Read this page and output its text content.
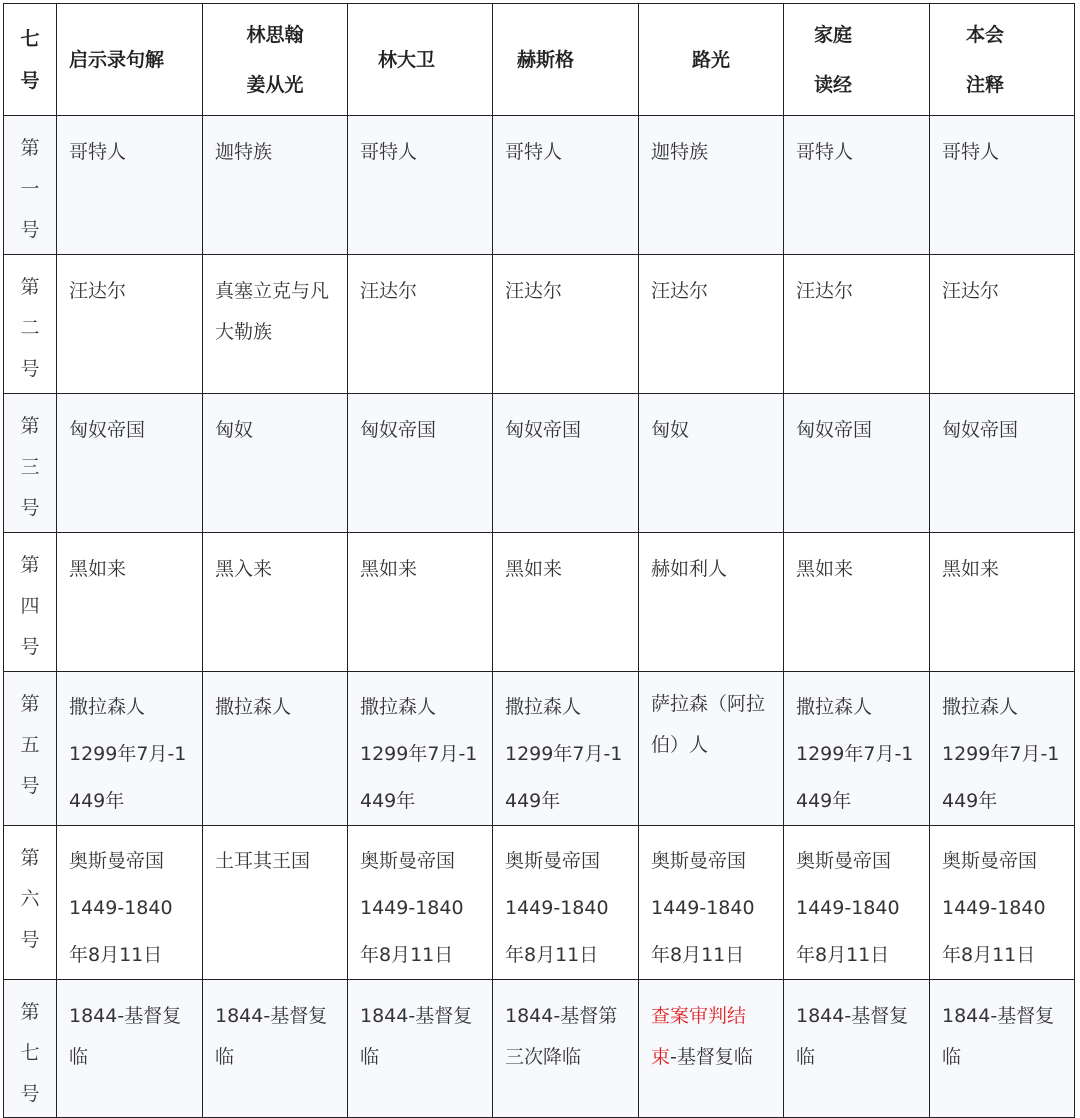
七
号	启示录句解	林思翰
姜从光	林大卫	赫斯格	路光	家庭
读经	本会
注释

第
一
号	哥特人	迦特族	哥特人	哥特人	迦特族	哥特人	哥特人

第
二
号	汪达尔	真塞立克与凡
大勒族	汪达尔	汪达尔	汪达尔	汪达尔	汪达尔

第
三
号	匈奴帝国	匈奴	匈奴帝国	匈奴帝国	匈奴	匈奴帝国	匈奴帝国

第
四
号	黑如来	黑入来	黑如来	黑如来	赫如利人	黑如来	黑如来

第
五
号	撒拉森人
1299年7月-1
449年	撒拉森人	撒拉森人
1299年7月-1
449年	撒拉森人
1299年7月-1
449年	萨拉森（阿拉
伯）人	撒拉森人
1299年7月-1
449年	撒拉森人
1299年7月-1
449年

第
六
号	奥斯曼帝国
1449-1840
年8月11日	土耳其王国	奥斯曼帝国
1449-1840
年8月11日	奥斯曼帝国
1449-1840
年8月11日	奥斯曼帝国
1449-1840
年8月11日	奥斯曼帝国
1449-1840
年8月11日	奥斯曼帝国
1449-1840
年8月11日

第
七
号	1844-基督复
临	1844-基督复
临	1844-基督复
临	1844-基督第
三次降临	查案审判结
束-基督复临	1844-基督复
临	1844-基督复
临
